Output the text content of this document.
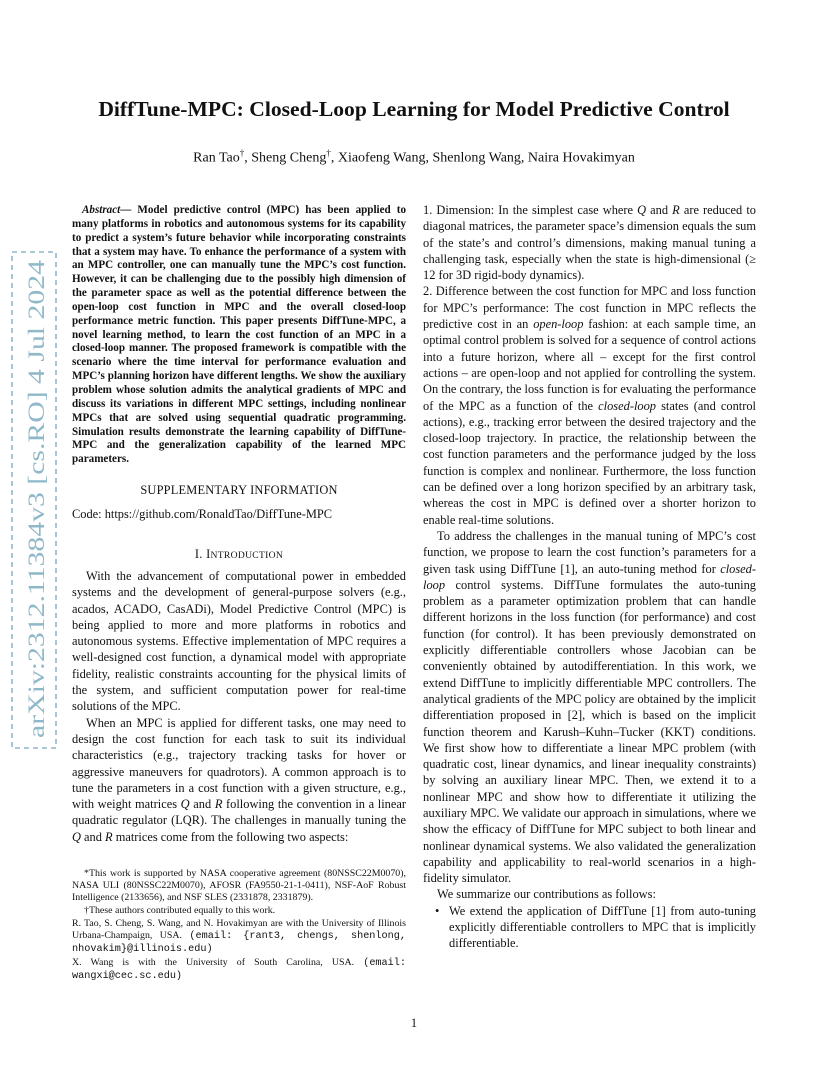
arXiv:2312.11384v3 [cs.RO] 4 Jul 2024
DiffTune-MPC: Closed-Loop Learning for Model Predictive Control
Ran Tao†, Sheng Cheng†, Xiaofeng Wang, Shenlong Wang, Naira Hovakimyan

Abstract— Model predictive control (MPC) has been applied to many platforms in robotics and autonomous systems for its capability to predict a system’s future behavior while incorporating constraints that a system may have. To enhance the performance of a system with an MPC controller, one can manually tune the MPC’s cost function. However, it can be challenging due to the possibly high dimension of the parameter space as well as the potential difference between the open-loop cost function in MPC and the overall closed-loop performance metric function. This paper presents DiffTune-MPC, a novel learning method, to learn the cost function of an MPC in a closed-loop manner. The proposed framework is compatible with the scenario where the time interval for performance evaluation and MPC’s planning horizon have different lengths. We show the auxiliary problem whose solution admits the analytical gradients of MPC and discuss its variations in different MPC settings, including nonlinear MPCs that are solved using sequential quadratic programming. Simulation results demonstrate the learning capability of DiffTune-MPC and the generalization capability of the learned MPC parameters.

SUPPLEMENTARY INFORMATION
Code: https://github.com/RonaldTao/DiffTune-MPC
I. INTRODUCTION

With the advancement of computational power in embedded systems and the development of general-purpose solvers (e.g., acados, ACADO, CasADi), Model Predictive Control (MPC) is being applied to more and more platforms in robotics and autonomous systems. Effective implementation of MPC requires a well-designed cost function, a dynamical model with appropriate fidelity, realistic constraints accounting for the physical limits of the system, and sufficient computation power for real-time solutions of the MPC.

When an MPC is applied for different tasks, one may need to design the cost function for each task to suit its individual characteristics (e.g., trajectory tracking tasks for hover or aggressive maneuvers for quadrotors). A common approach is to tune the parameters in a cost function with a given structure, e.g., with weight matrices Q and R following the convention in a linear quadratic regulator (LQR). The challenges in manually tuning the Q and R matrices come from the following two aspects:

*This work is supported by NASA cooperative agreement (80NSSC22M0070), NASA ULI (80NSSC22M0070), AFOSR (FA9550-21-1-0411), NSF-AoF Robust Intelligence (2133656), and NSF SLES (2331878, 2331879).

†These authors contributed equally to this work.

R. Tao, S. Cheng, S. Wang, and N. Hovakimyan are with the University of Illinois Urbana-Champaign, USA. (email: {rant3, chengs, shenlong, nhovakim}@illinois.edu)

X. Wang is with the University of South Carolina, USA. (email: wangxi@cec.sc.edu)

1. Dimension: In the simplest case where Q and R are reduced to diagonal matrices, the parameter space’s dimension equals the sum of the state’s and control’s dimensions, making manual tuning a challenging task, especially when the state is high-dimensional (≥ 12 for 3D rigid-body dynamics).

2. Difference between the cost function for MPC and loss function for MPC’s performance: The cost function in MPC reflects the predictive cost in an open-loop fashion: at each sample time, an optimal control problem is solved for a sequence of control actions into a future horizon, where all – except for the first control actions – are open-loop and not applied for controlling the system. On the contrary, the loss function is for evaluating the performance of the MPC as a function of the closed-loop states (and control actions), e.g., tracking error between the desired trajectory and the closed-loop trajectory. In practice, the relationship between the cost function parameters and the performance judged by the loss function is complex and nonlinear. Furthermore, the loss function can be defined over a long horizon specified by an arbitrary task, whereas the cost in MPC is defined over a shorter horizon to enable real-time solutions.

To address the challenges in the manual tuning of MPC’s cost function, we propose to learn the cost function’s parameters for a given task using DiffTune [1], an auto-tuning method for closed-loop control systems. DiffTune formulates the auto-tuning problem as a parameter optimization problem that can handle different horizons in the loss function (for performance) and cost function (for control). It has been previously demonstrated on explicitly differentiable controllers whose Jacobian can be conveniently obtained by autodifferentiation. In this work, we extend DiffTune to implicitly differentiable MPC controllers. The analytical gradients of the MPC policy are obtained by the implicit differentiation proposed in [2], which is based on the implicit function theorem and Karush–Kuhn–Tucker (KKT) conditions. We first show how to differentiate a linear MPC problem (with quadratic cost, linear dynamics, and linear inequality constraints) by solving an auxiliary linear MPC. Then, we extend it to a nonlinear MPC and show how to differentiate it utilizing the auxiliary MPC. We validate our approach in simulations, where we show the efficacy of DiffTune for MPC subject to both linear and nonlinear dynamical systems. We also validated the generalization capability and applicability to real-world scenarios in a high-fidelity simulator.

We summarize our contributions as follows:

• We extend the application of DiffTune [1] from auto-tuning explicitly differentiable controllers to MPC that is implicitly differentiable.
1
